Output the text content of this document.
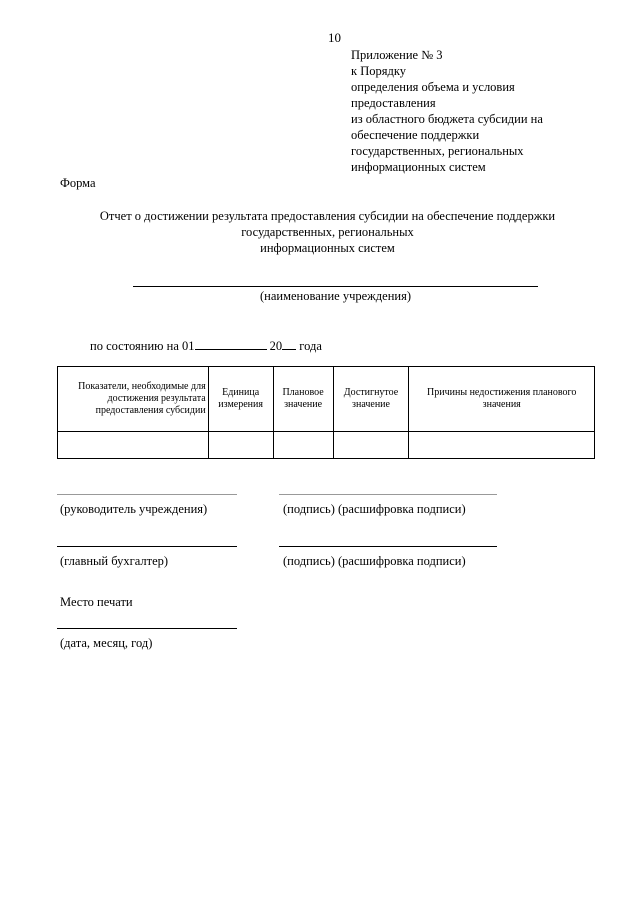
10
Приложение № 3
к Порядку
определения объема и условия
предоставления
из областного бюджета субсидии на
обеспечение поддержки
государственных, региональных
информационных систем
Форма
Отчет о достижении результата предоставления субсидии на обеспечение поддержки
государственных, региональных
информационных систем
(наименование учреждения)
по состоянию на 01	20 года
Показатели, необходимые для достижения результата предоставления субсидии	Единица измерения	Плановое значение	Достигнутое значение	Причины недостижения планового значения

(руководитель учреждения)	(подпись) (расшифровка подписи)
(главный бухгалтер)	(подпись) (расшифровка подписи)
Место печати
(дата, месяц, год)
